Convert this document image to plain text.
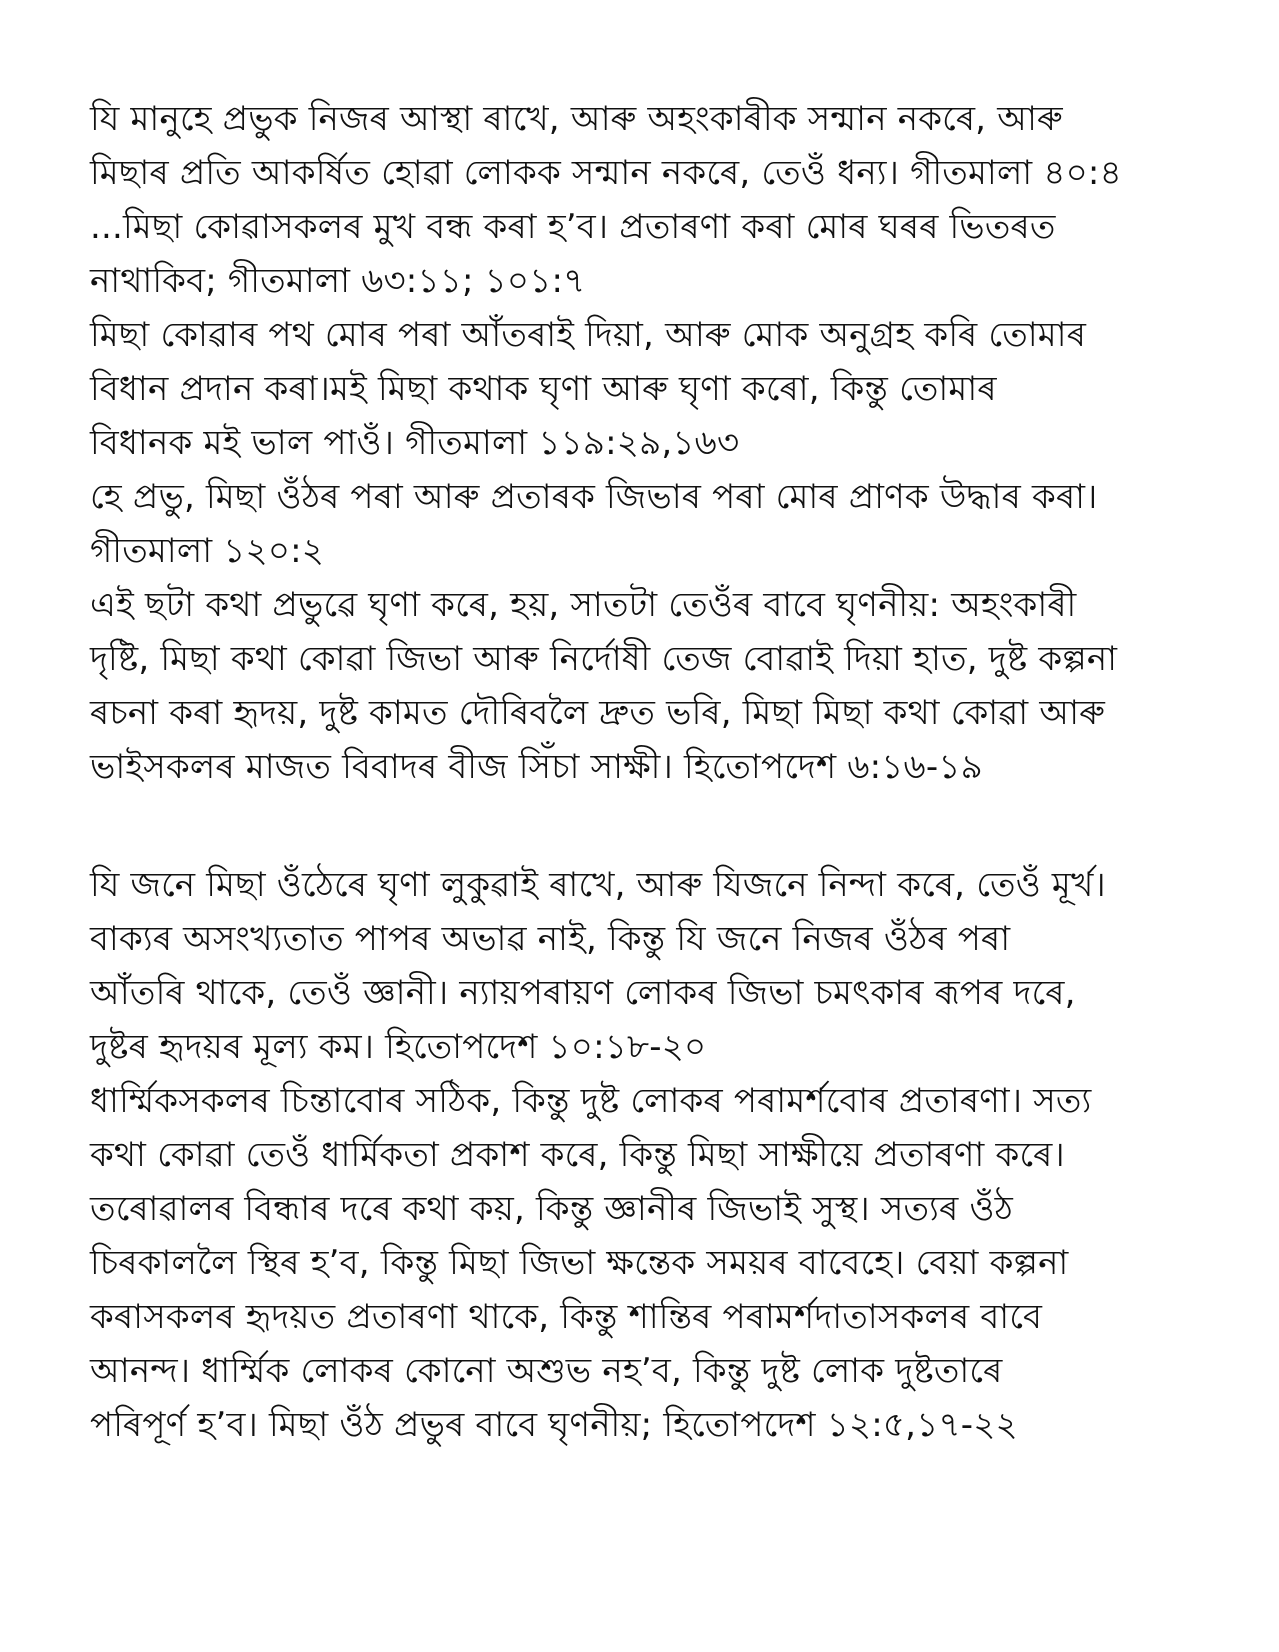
যি মানুহে প্ৰভুক নিজৰ আস্থা ৰাখে, আৰু অহংকাৰীক সন্মান নকৰে, আৰু
মিছাৰ প্ৰতি আকৰ্ষিত হোৱা লোকক সন্মান নকৰে, তেওঁ ধন্য। গীতমালা ৪০:৪
...মিছা কোৱাসকলৰ মুখ বন্ধ কৰা হ’ব। প্ৰতাৰণা কৰা মোৰ ঘৰৰ ভিতৰত
নাথাকিব; গীতমালা ৬৩:১১; ১০১:৭
মিছা কোৱাৰ পথ মোৰ পৰা আঁতৰাই দিয়া, আৰু মোক অনুগ্ৰহ কৰি তোমাৰ
বিধান প্ৰদান কৰা।মই মিছা কথাক ঘৃণা আৰু ঘৃণা কৰো, কিন্তু তোমাৰ
বিধানক মই ভাল পাওঁ। গীতমালা ১১৯:২৯,১৬৩
হে প্ৰভু, মিছা ওঁঠৰ পৰা আৰু প্ৰতাৰক জিভাৰ পৰা মোৰ প্ৰাণক উদ্ধাৰ কৰা।
গীতমালা ১২০:২
এই ছটা কথা প্ৰভুৱে ঘৃণা কৰে, হয়, সাতটা তেওঁৰ বাবে ঘৃণনীয়: অহংকাৰী
দৃষ্টি, মিছা কথা কোৱা জিভা আৰু নিৰ্দোষী তেজ বোৱাই দিয়া হাত, দুষ্ট কল্পনা
ৰচনা কৰা হৃদয়, দুষ্ট কামত দৌৰিবলৈ দ্ৰুত ভৰি, মিছা মিছা কথা কোৱা আৰু
ভাইসকলৰ মাজত বিবাদৰ বীজ সিঁচা সাক্ষী। হিতোপদেশ ৬:১৬-১৯
যি জনে মিছা ওঁঠেৰে ঘৃণা লুকুৱাই ৰাখে, আৰু যিজনে নিন্দা কৰে, তেওঁ মূৰ্খ।
বাক্যৰ অসংখ্যতাত পাপৰ অভাৱ নাই, কিন্তু যি জনে নিজৰ ওঁঠৰ পৰা
আঁতৰি থাকে, তেওঁ জ্ঞানী। ন্যায়পৰায়ণ লোকৰ জিভা চমৎকাৰ ৰূপৰ দৰে,
দুষ্টৰ হৃদয়ৰ মূল্য কম। হিতোপদেশ ১০:১৮-২০
ধাৰ্ম্মিকসকলৰ চিন্তাবোৰ সঠিক, কিন্তু দুষ্ট লোকৰ পৰামৰ্শবোৰ প্ৰতাৰণা। সত্য
কথা কোৱা তেওঁ ধাৰ্মিকতা প্ৰকাশ কৰে, কিন্তু মিছা সাক্ষীয়ে প্ৰতাৰণা কৰে।
তৰোৱালৰ বিন্ধাৰ দৰে কথা কয়, কিন্তু জ্ঞানীৰ জিভাই সুস্থ। সত্যৰ ওঁঠ
চিৰকাললৈ স্থিৰ হ’ব, কিন্তু মিছা জিভা ক্ষন্তেক সময়ৰ বাবেহে। বেয়া কল্পনা
কৰাসকলৰ হৃদয়ত প্ৰতাৰণা থাকে, কিন্তু শান্তিৰ পৰামৰ্শদাতাসকলৰ বাবে
আনন্দ। ধাৰ্ম্মিক লোকৰ কোনো অশুভ নহ’ব, কিন্তু দুষ্ট লোক দুষ্টতাৰে
পৰিপূৰ্ণ হ’ব। মিছা ওঁঠ প্ৰভুৰ বাবে ঘৃণনীয়; হিতোপদেশ ১২:৫,১৭-২২
